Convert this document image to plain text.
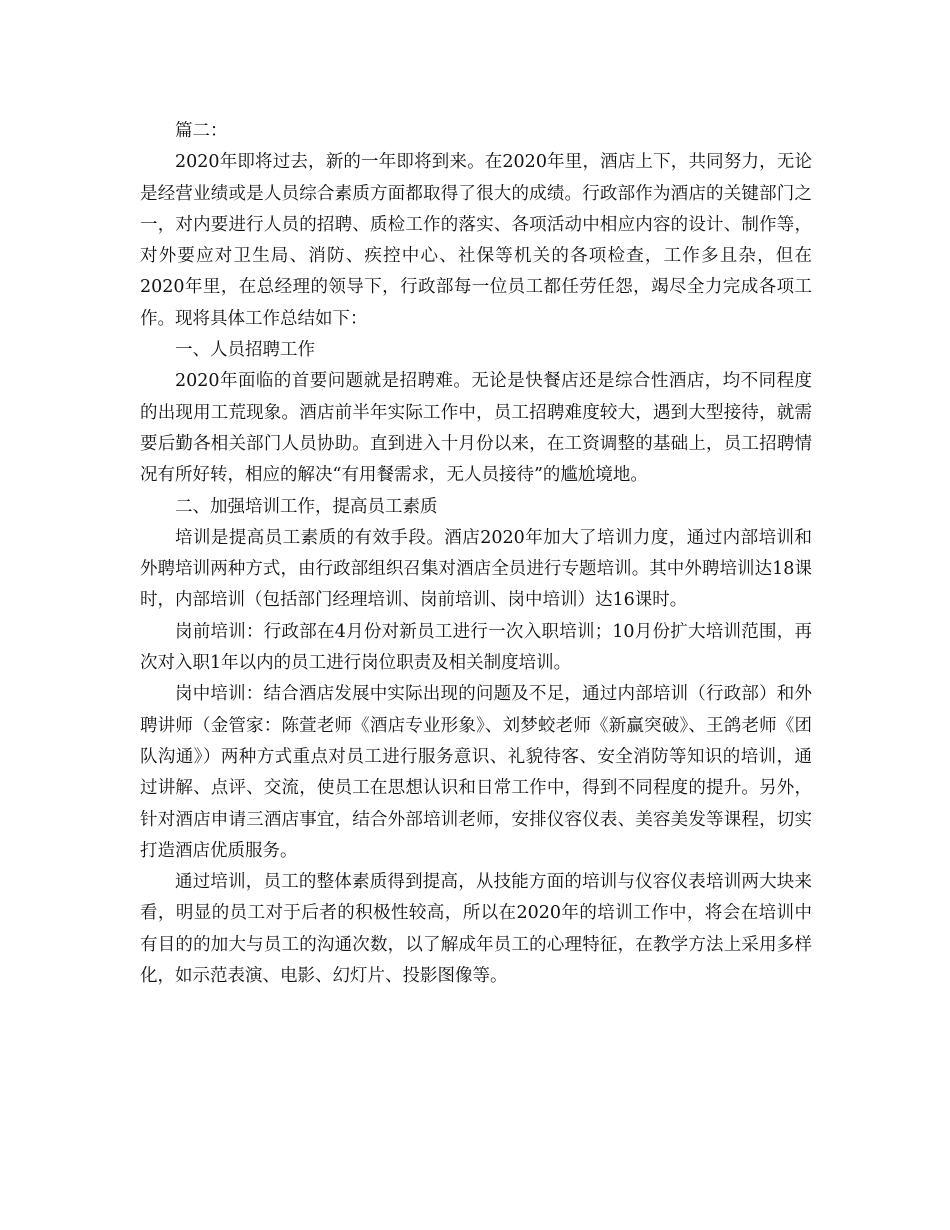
篇二：

2020年即将过去，新的一年即将到来。在2020年里，酒店上下，共同努力，无论是经营业绩或是人员综合素质方面都取得了很大的成绩。行政部作为酒店的关键部门之一，对内要进行人员的招聘、质检工作的落实、各项活动中相应内容的设计、制作等，对外要应对卫生局、消防、疾控中心、社保等机关的各项检查，工作多且杂，但在2020年里，在总经理的领导下，行政部每一位员工都任劳任怨，竭尽全力完成各项工作。现将具体工作总结如下：

一、人员招聘工作

2020年面临的首要问题就是招聘难。无论是快餐店还是综合性酒店，均不同程度的出现用工荒现象。酒店前半年实际工作中，员工招聘难度较大，遇到大型接待，就需要后勤各相关部门人员协助。直到进入十月份以来，在工资调整的基础上，员工招聘情况有所好转，相应的解决“有用餐需求，无人员接待”的尴尬境地。

二、加强培训工作，提高员工素质

培训是提高员工素质的有效手段。酒店2020年加大了培训力度，通过内部培训和外聘培训两种方式，由行政部组织召集对酒店全员进行专题培训。其中外聘培训达18课时，内部培训（包括部门经理培训、岗前培训、岗中培训）达16课时。

岗前培训：行政部在4月份对新员工进行一次入职培训；10月份扩大培训范围，再次对入职1年以内的员工进行岗位职责及相关制度培训。

岗中培训：结合酒店发展中实际出现的问题及不足，通过内部培训（行政部）和外聘讲师（金管家：陈萱老师《酒店专业形象》、刘梦蛟老师《新赢突破》、王鸽老师《团队沟通》）两种方式重点对员工进行服务意识、礼貌待客、安全消防等知识的培训，通过讲解、点评、交流，使员工在思想认识和日常工作中，得到不同程度的提升。另外，针对酒店申请三酒店事宜，结合外部培训老师，安排仪容仪表、美容美发等课程，切实打造酒店优质服务。

通过培训，员工的整体素质得到提高，从技能方面的培训与仪容仪表培训两大块来看，明显的员工对于后者的积极性较高，所以在2020年的培训工作中，将会在培训中有目的的加大与员工的沟通次数，以了解成年员工的心理特征，在教学方法上采用多样化，如示范表演、电影、幻灯片、投影图像等。
